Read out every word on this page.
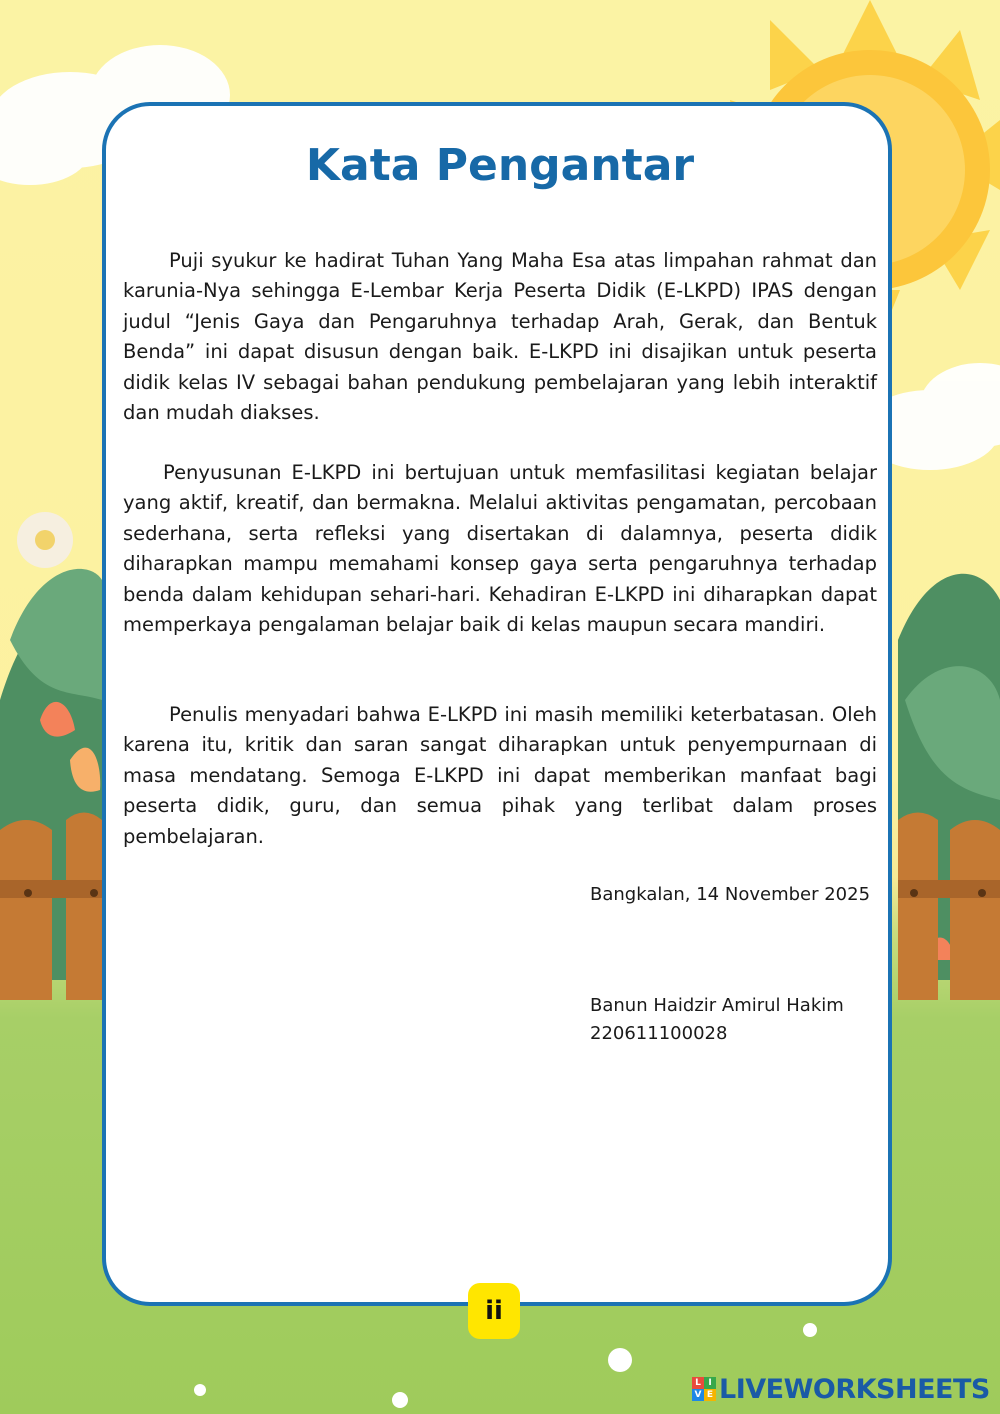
Kata Pengantar

Puji syukur ke hadirat Tuhan Yang Maha Esa atas limpahan rahmat dan karunia-Nya sehingga E-Lembar Kerja Peserta Didik (E-LKPD) IPAS dengan judul “Jenis Gaya dan Pengaruhnya terhadap Arah, Gerak, dan Bentuk Benda” ini dapat disusun dengan baik. E-LKPD ini disajikan untuk peserta didik kelas IV sebagai bahan pendukung pembelajaran yang lebih interaktif dan mudah diakses.

Penyusunan E-LKPD ini bertujuan untuk memfasilitasi kegiatan belajar yang aktif, kreatif, dan bermakna. Melalui aktivitas pengamatan, percobaan sederhana, serta refleksi yang disertakan di dalamnya, peserta didik diharapkan mampu memahami konsep gaya serta pengaruhnya terhadap benda dalam kehidupan sehari-hari. Kehadiran E-LKPD ini diharapkan dapat memperkaya pengalaman belajar baik di kelas maupun secara mandiri.

Penulis menyadari bahwa E-LKPD ini masih memiliki keterbatasan. Oleh karena itu, kritik dan saran sangat diharapkan untuk penyempurnaan di masa mendatang. Semoga E-LKPD ini dapat memberikan manfaat bagi peserta didik, guru, dan semua pihak yang terlibat dalam proses pembelajaran.

Bangkalan, 14 November 2025

Banun Haidzir Amirul Hakim

220611100028

ii
L I
V E LIVEWORKSHEETS
